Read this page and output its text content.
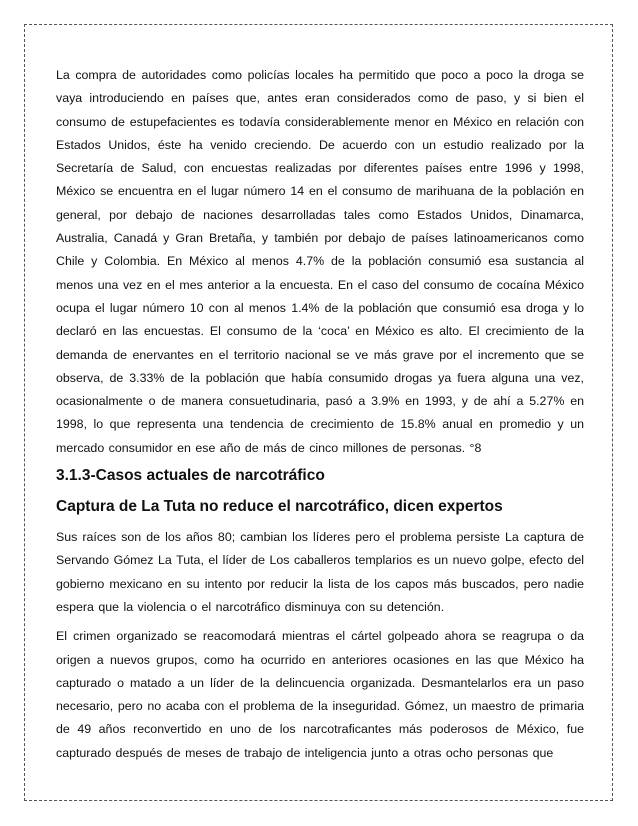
La compra de autoridades como policías locales ha permitido que poco a poco la droga se vaya introduciendo en países que, antes eran considerados como de paso, y si bien el consumo de estupefacientes es todavía considerablemente menor en México en relación con Estados Unidos, éste ha venido creciendo. De acuerdo con un estudio realizado por la Secretaría de Salud, con encuestas realizadas por diferentes países entre 1996 y 1998, México se encuentra en el lugar número 14 en el consumo de marihuana de la población en general, por debajo de naciones desarrolladas tales como Estados Unidos, Dinamarca, Australia, Canadá y Gran Bretaña, y también por debajo de países latinoamericanos como Chile y Colombia. En México al menos 4.7% de la población consumió esa sustancia al menos una vez en el mes anterior a la encuesta. En el caso del consumo de cocaína México ocupa el lugar número 10 con al menos 1.4% de la población que consumió esa droga y lo declaró en las encuestas. El consumo de la ‘coca’ en México es alto. El crecimiento de la demanda de enervantes en el territorio nacional se ve más grave por el incremento que se observa, de 3.33% de la población que había consumido drogas ya fuera alguna una vez, ocasionalmente o de manera consuetudinaria, pasó a 3.9% en 1993, y de ahí a 5.27% en 1998, lo que representa una tendencia de crecimiento de 15.8% anual en promedio y un mercado consumidor en ese año de más de cinco millones de personas. °8

3.1.3-Casos actuales de narcotráfico
Captura de La Tuta no reduce el narcotráfico, dicen expertos

Sus raíces son de los años 80; cambian los líderes pero el problema persiste La captura de Servando Gómez La Tuta, el líder de Los caballeros templarios es un nuevo golpe, efecto del gobierno mexicano en su intento por reducir la lista de los capos más buscados, pero nadie espera que la violencia o el narcotráfico disminuya con su detención.

El crimen organizado se reacomodará mientras el cártel golpeado ahora se reagrupa o da origen a nuevos grupos, como ha ocurrido en anteriores ocasiones en las que México ha capturado o matado a un líder de la delincuencia organizada. Desmantelarlos era un paso necesario, pero no acaba con el problema de la inseguridad. Gómez, un maestro de primaria de 49 años reconvertido en uno de los narcotraficantes más poderosos de México, fue capturado después de meses de trabajo de inteligencia junto a otras ocho personas que
